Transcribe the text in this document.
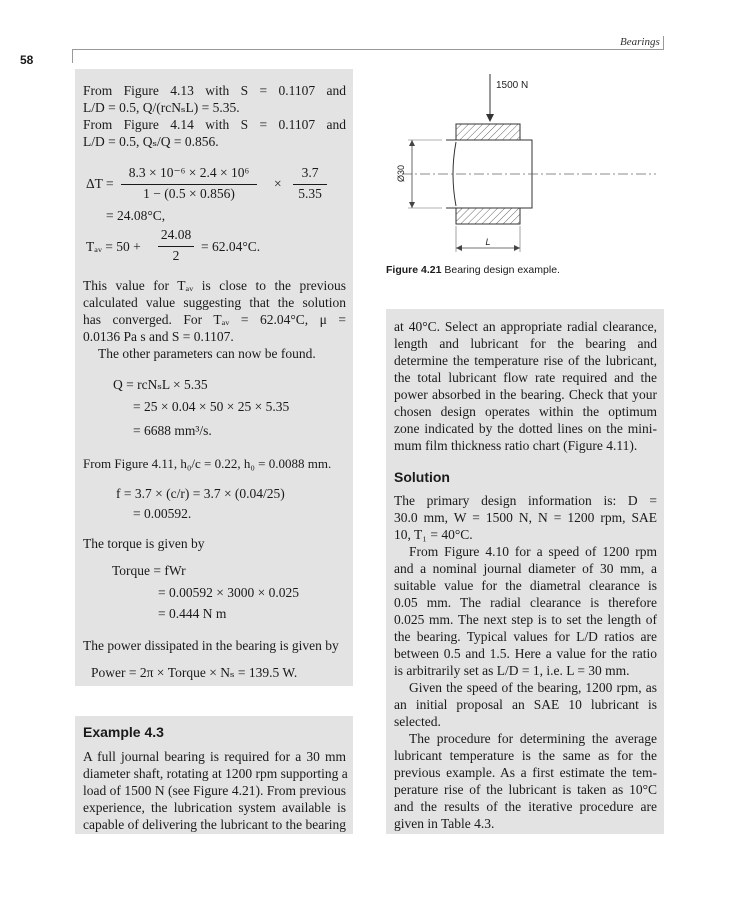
Bearings
58
From Figure 4.13 with S = 0.1107 and
L/D = 0.5, Q/(rcNₛL) = 5.35.
From Figure 4.14 with S = 0.1107 and
L/D = 0.5, Qₛ/Q = 0.856.
ΔT =
8.3 × 10⁻⁶ × 2.4 × 10⁶
1 − (0.5 × 0.856)
×
3.7
5.35
= 24.08°C,
Tₐᵥ = 50 +
24.08
2
= 62.04°C.
This value for Tₐᵥ is close to the previous
calculated value suggesting that the solution
has converged. For Tₐᵥ = 62.04°C, μ =
0.0136 Pa s and S = 0.1107.
The other parameters can now be found.
Q = rcNₛL × 5.35
= 25 × 0.04 × 50 × 25 × 5.35
= 6688 mm³/s.
From Figure 4.11, h₀/c = 0.22, h₀ = 0.0088 mm.
f = 3.7 × (c/r) = 3.7 × (0.04/25)
= 0.00592.
The torque is given by
Torque = fWr
= 0.00592 × 3000 × 0.025
= 0.444 N m
The power dissipated in the bearing is given by
Power = 2π × Torque × Nₛ = 139.5 W.
Example 4.3
A full journal bearing is required for a 30 mm
diameter shaft, rotating at 1200 rpm supporting a
load of 1500 N (see Figure 4.21). From previous
experience, the lubrication system available is
capable of delivering the lubricant to the bearing
1500 N
Ø30
L
Figure 4.21 Bearing design example.
at 40°C. Select an appropriate radial clearance,
length and lubricant for the bearing and
determine the temperature rise of the lubricant,
the total lubricant flow rate required and the
power absorbed in the bearing. Check that your
chosen design operates within the optimum
zone indicated by the dotted lines on the mini-
mum film thickness ratio chart (Figure 4.11).
Solution
The primary design information is: D =
30.0 mm, W = 1500 N, N = 1200 rpm, SAE
10, T₁ = 40°C.
From Figure 4.10 for a speed of 1200 rpm
and a nominal journal diameter of 30 mm, a
suitable value for the diametral clearance is
0.05 mm. The radial clearance is therefore
0.025 mm. The next step is to set the length of
the bearing. Typical values for L/D ratios are
between 0.5 and 1.5. Here a value for the ratio
is arbitrarily set as L/D = 1, i.e. L = 30 mm.
Given the speed of the bearing, 1200 rpm, as
an initial proposal an SAE 10 lubricant is
selected.
The procedure for determining the average
lubricant temperature is the same as for the
previous example. As a first estimate the tem-
perature rise of the lubricant is taken as 10°C
and the results of the iterative procedure are
given in Table 4.3.
